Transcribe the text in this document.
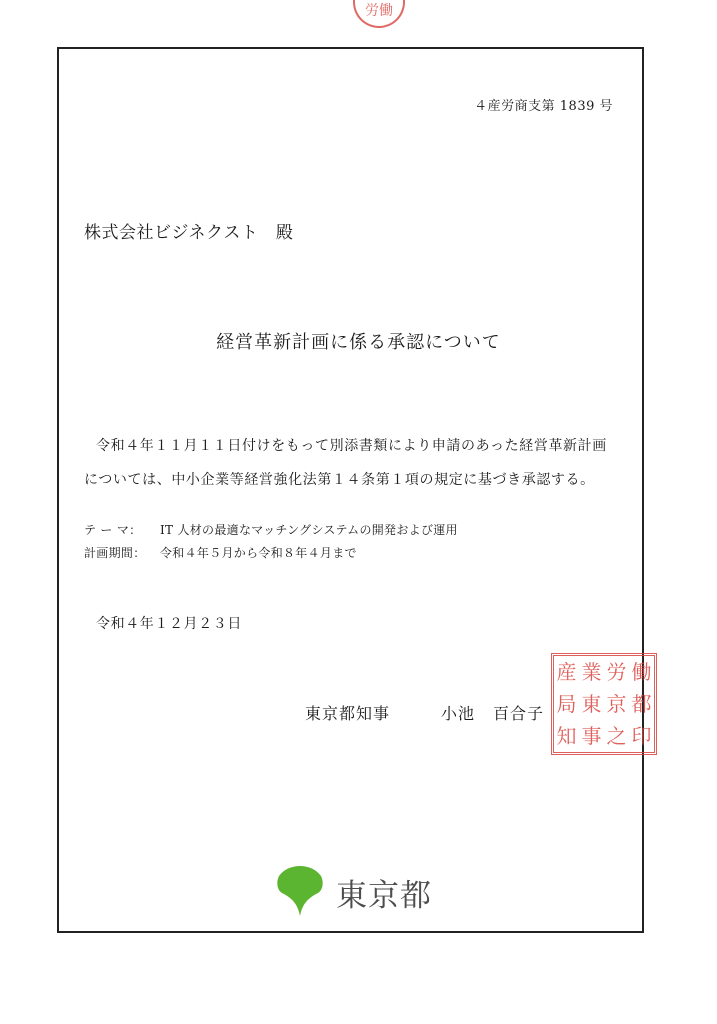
労働
４産労商支第 1839 号
株式会社ビジネクスト　殿
経営革新計画に係る承認について
令和４年１１月１１日付けをもって別添書類により申請のあった経営革新計画
については、中小企業等経営強化法第１４条第１項の規定に基づき承認する。
テ ー マ： IT 人材の最適なマッチングシステムの開発および運用
計画期間： 令和４年５月から令和８年４月まで
令和４年１２月２３日
東京都知事	小池 百合子
産 業 労 働
局 東 京 都
知 事 之 印
東京都
